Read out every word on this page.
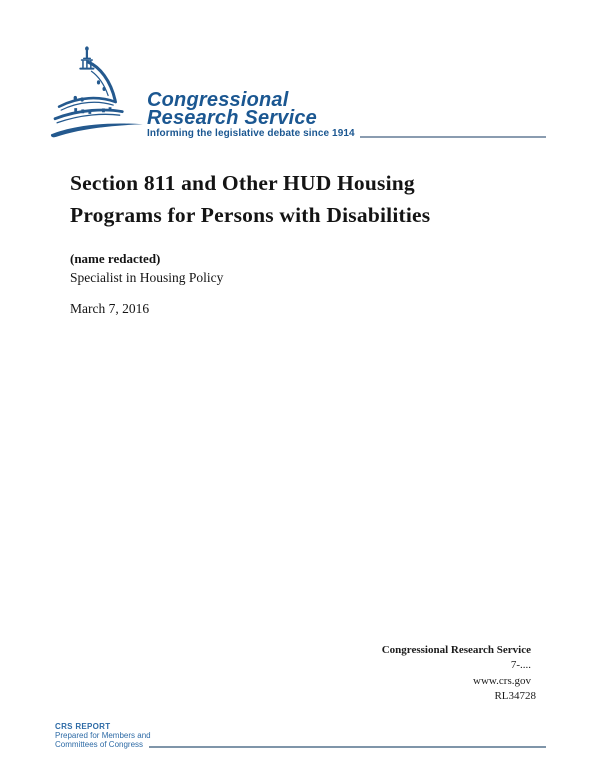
Congressional
Research Service
Informing the legislative debate since 1914
Section 811 and Other HUD Housing
Programs for Persons with Disabilities
(name redacted)
Specialist in Housing Policy
March 7, 2016
Congressional Research Service
7-....
www.crs.gov
RL34728
CRS REPORT
Prepared for Members and
Committees of Congress
